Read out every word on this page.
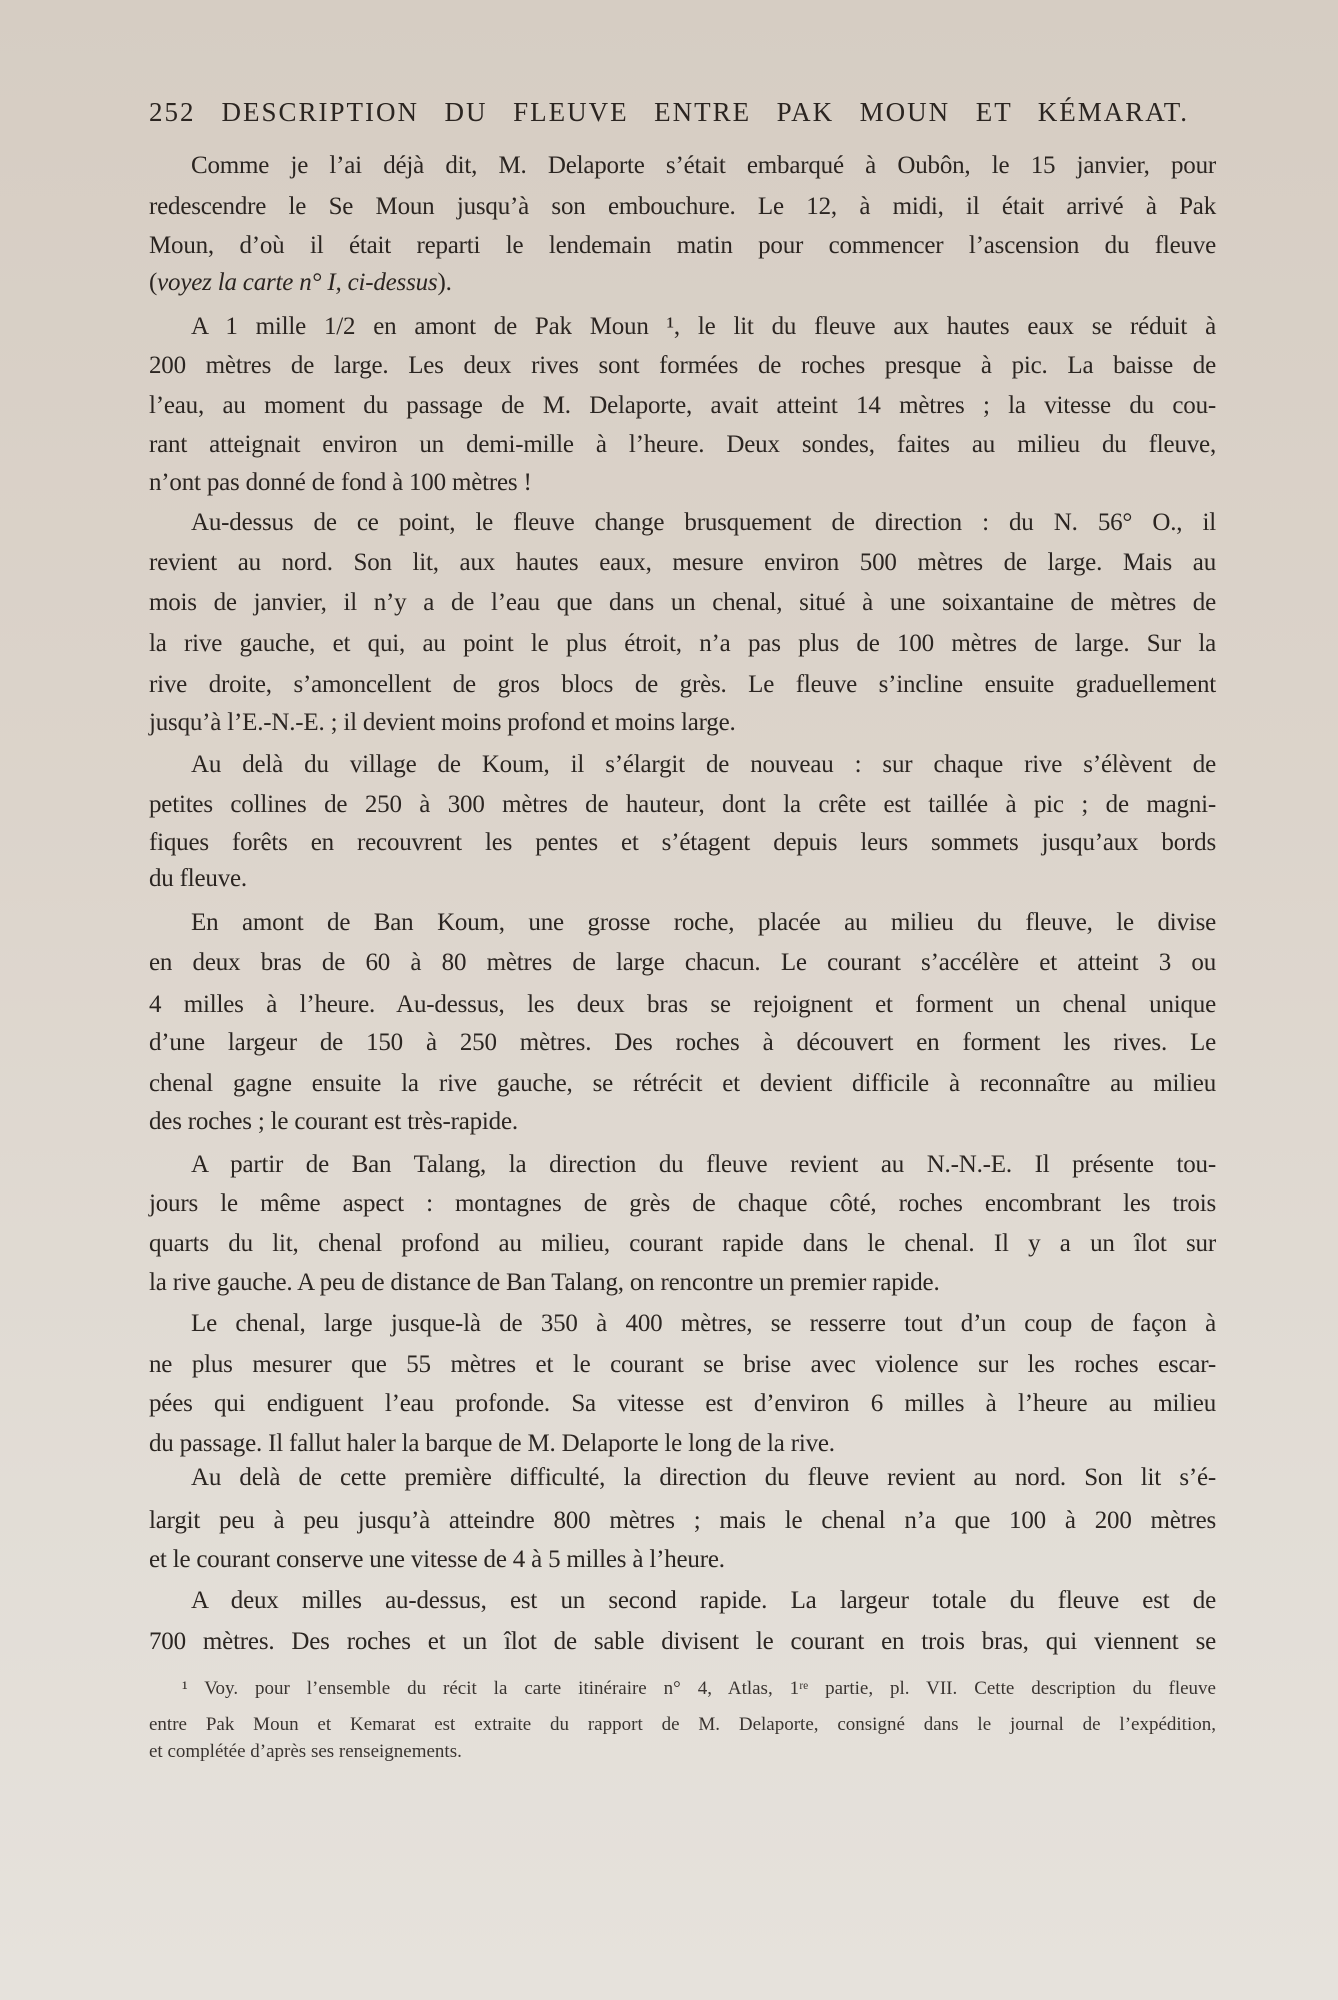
252 DESCRIPTION DU FLEUVE ENTRE PAK MOUN ET KÉMARAT.
Comme je l’ai déjà dit, M. Delaporte s’était embarqué à Oubôn, le 15 janvier, pour
redescendre le Se Moun jusqu’à son embouchure. Le 12, à midi, il était arrivé à Pak
Moun, d’où il était reparti le lendemain matin pour commencer l’ascension du fleuve
(voyez la carte n° I, ci-dessus).
A 1 mille 1/2 en amont de Pak Moun ¹, le lit du fleuve aux hautes eaux se réduit à
200 mètres de large. Les deux rives sont formées de roches presque à pic. La baisse de
l’eau, au moment du passage de M. Delaporte, avait atteint 14 mètres ; la vitesse du cou-
rant atteignait environ un demi-mille à l’heure. Deux sondes, faites au milieu du fleuve,
n’ont pas donné de fond à 100 mètres !
Au-dessus de ce point, le fleuve change brusquement de direction : du N. 56° O., il
revient au nord. Son lit, aux hautes eaux, mesure environ 500 mètres de large. Mais au
mois de janvier, il n’y a de l’eau que dans un chenal, situé à une soixantaine de mètres de
la rive gauche, et qui, au point le plus étroit, n’a pas plus de 100 mètres de large. Sur la
rive droite, s’amoncellent de gros blocs de grès. Le fleuve s’incline ensuite graduellement
jusqu’à l’E.-N.-E. ; il devient moins profond et moins large.
Au delà du village de Koum, il s’élargit de nouveau : sur chaque rive s’élèvent de
petites collines de 250 à 300 mètres de hauteur, dont la crête est taillée à pic ; de magni-
fiques forêts en recouvrent les pentes et s’étagent depuis leurs sommets jusqu’aux bords
du fleuve.
En amont de Ban Koum, une grosse roche, placée au milieu du fleuve, le divise
en deux bras de 60 à 80 mètres de large chacun. Le courant s’accélère et atteint 3 ou
4 milles à l’heure. Au-dessus, les deux bras se rejoignent et forment un chenal unique
d’une largeur de 150 à 250 mètres. Des roches à découvert en forment les rives. Le
chenal gagne ensuite la rive gauche, se rétrécit et devient difficile à reconnaître au milieu
des roches ; le courant est très-rapide.
A partir de Ban Talang, la direction du fleuve revient au N.-N.-E. Il présente tou-
jours le même aspect : montagnes de grès de chaque côté, roches encombrant les trois
quarts du lit, chenal profond au milieu, courant rapide dans le chenal. Il y a un îlot sur
la rive gauche. A peu de distance de Ban Talang, on rencontre un premier rapide.
Le chenal, large jusque-là de 350 à 400 mètres, se resserre tout d’un coup de façon à
ne plus mesurer que 55 mètres et le courant se brise avec violence sur les roches escar-
pées qui endiguent l’eau profonde. Sa vitesse est d’environ 6 milles à l’heure au milieu
du passage. Il fallut haler la barque de M. Delaporte le long de la rive.
Au delà de cette première difficulté, la direction du fleuve revient au nord. Son lit s’é-
largit peu à peu jusqu’à atteindre 800 mètres ; mais le chenal n’a que 100 à 200 mètres
et le courant conserve une vitesse de 4 à 5 milles à l’heure.
A deux milles au-dessus, est un second rapide. La largeur totale du fleuve est de
700 mètres. Des roches et un îlot de sable divisent le courant en trois bras, qui viennent se
¹ Voy. pour l’ensemble du récit la carte itinéraire n° 4, Atlas, 1ʳᵉ partie, pl. VII. Cette description du fleuve
entre Pak Moun et Kemarat est extraite du rapport de M. Delaporte, consigné dans le journal de l’expédition,
et complétée d’après ses renseignements.
